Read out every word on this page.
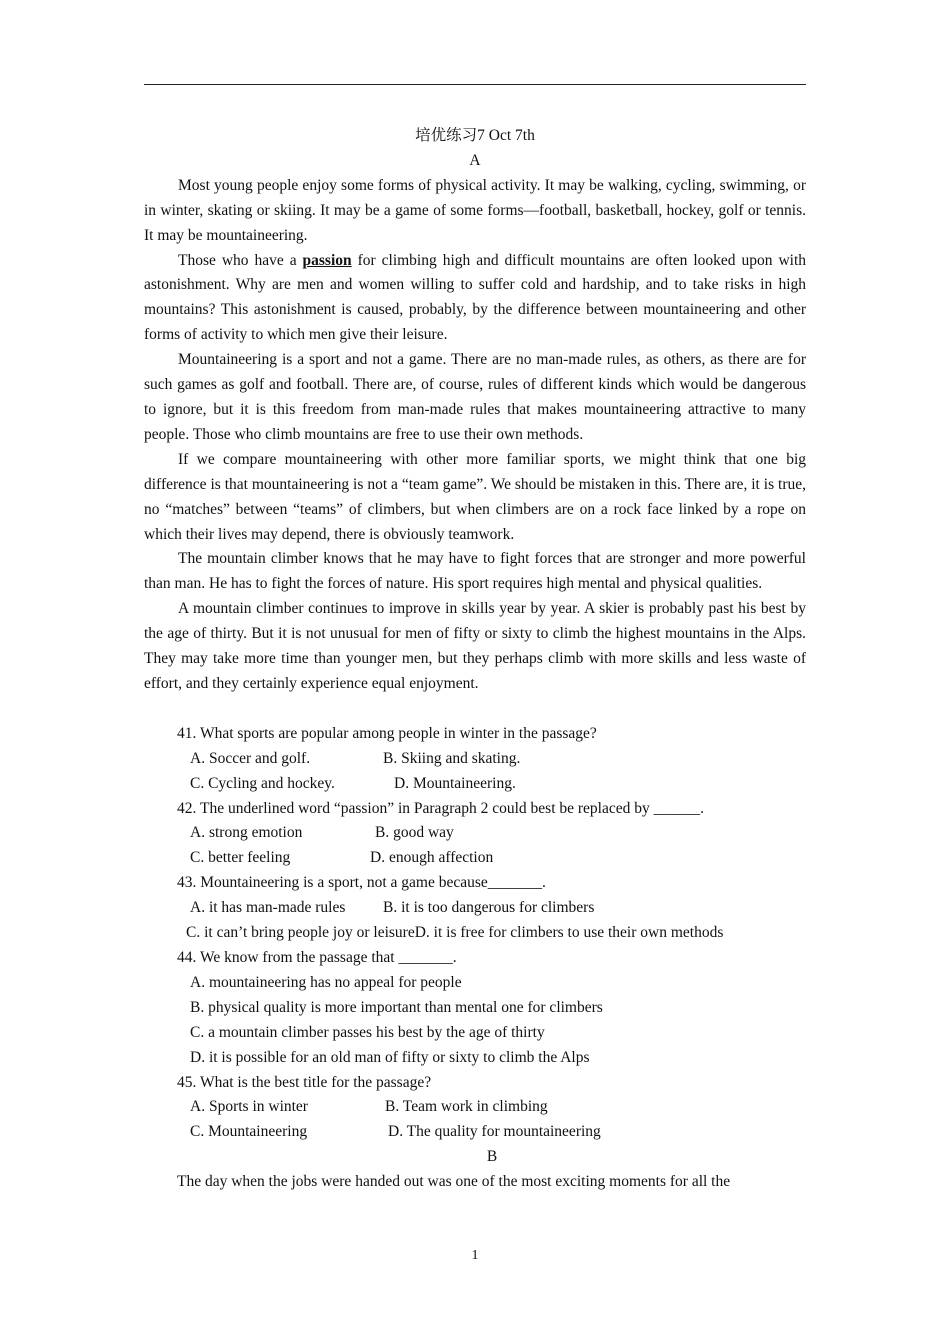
培优练习7 Oct 7th
A

Most young people enjoy some forms of physical activity. It may be walking, cycling, swimming, or in winter, skating or skiing. It may be a game of some forms—football, basketball, hockey, golf or tennis. It may be mountaineering.

Those who have a passion for climbing high and difficult mountains are often looked upon with astonishment. Why are men and women willing to suffer cold and hardship, and to take risks in high mountains? This astonishment is caused, probably, by the difference between mountaineering and other forms of activity to which men give their leisure.

Mountaineering is a sport and not a game. There are no man-made rules, as others, as there are for such games as golf and football. There are, of course, rules of different kinds which would be dangerous to ignore, but it is this freedom from man-made rules that makes mountaineering attractive to many people. Those who climb mountains are free to use their own methods.

If we compare mountaineering with other more familiar sports, we might think that one big difference is that mountaineering is not a “team game”. We should be mistaken in this. There are, it is true, no “matches” between “teams” of climbers, but when climbers are on a rock face linked by a rope on which their lives may depend, there is obviously teamwork.

The mountain climber knows that he may have to fight forces that are stronger and more powerful than man. He has to fight the forces of nature. His sport requires high mental and physical qualities.

A mountain climber continues to improve in skills year by year. A skier is probably past his best by the age of thirty. But it is not unusual for men of fifty or sixty to climb the highest mountains in the Alps. They may take more time than younger men, but they perhaps climb with more skills and less waste of effort, and they certainly experience equal enjoyment.

41. What sports are popular among people in winter in the passage?

A. Soccer and golf.	B. Skiing and skating.

C. Cycling and hockey.	D. Mountaineering.

42. The underlined word “passion” in Paragraph 2 could best be replaced by ______.

A. strong emotion	B. good way

C. better feeling	D. enough affection

43. Mountaineering is a sport, not a game because_______.

A. it has man-made rules B. it is too dangerous for climbers

C. it can’t bring people joy or leisureD. it is free for climbers to use their own methods

44. We know from the passage that _______.

A. mountaineering has no appeal for people

B. physical quality is more important than mental one for climbers

C. a mountain climber passes his best by the age of thirty

D. it is possible for an old man of fifty or sixty to climb the Alps

45. What is the best title for the passage?

A. Sports in winter	B. Team work in climbing

C. Mountaineering	D. The quality for mountaineering

B

The day when the jobs were handed out was one of the most exciting moments for all the

1
